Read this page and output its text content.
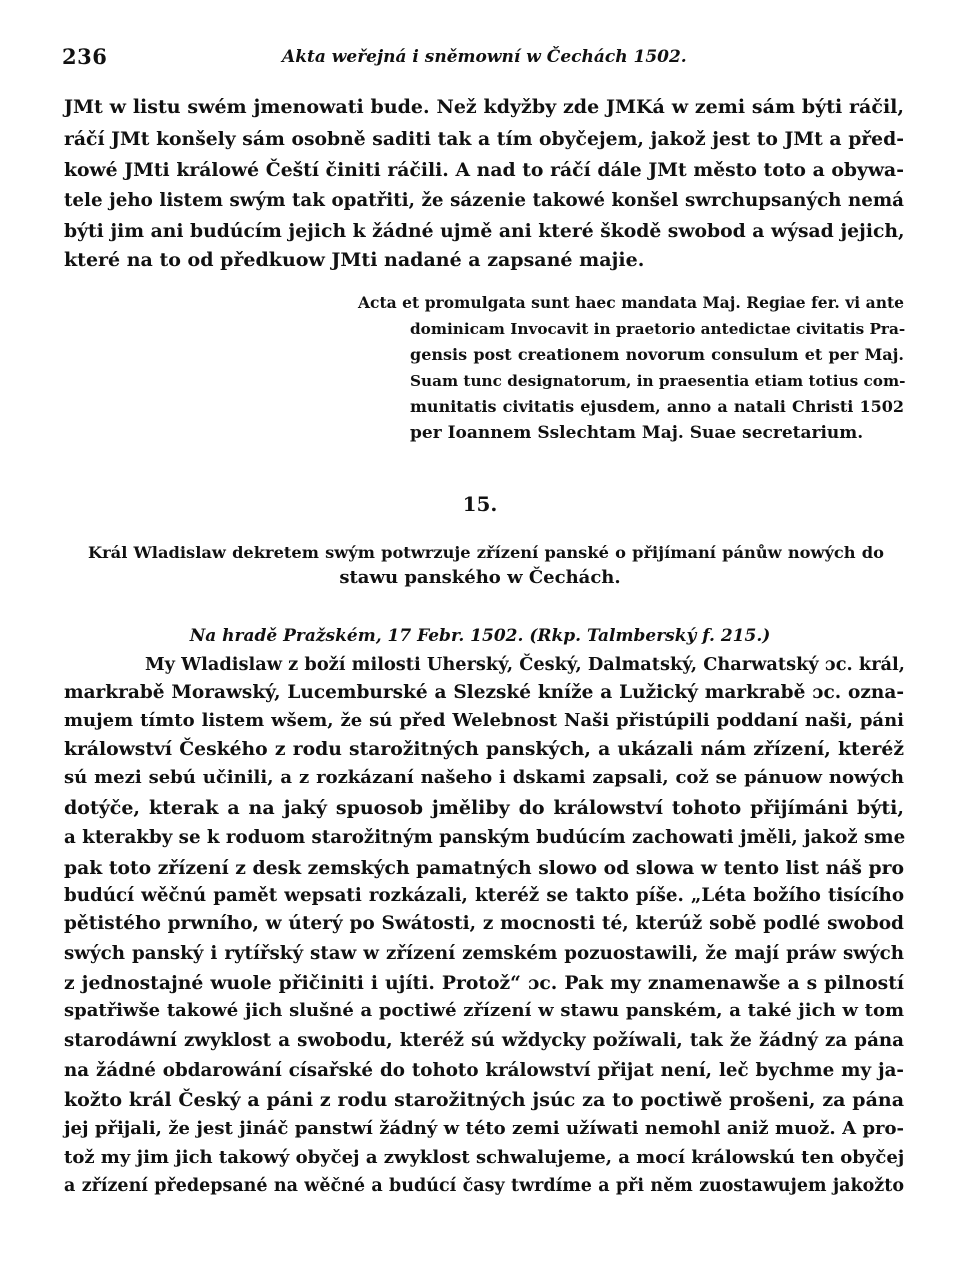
236	Akta weřejná i sněmowní w Čechách 1502.
JMt w listu swém jmenowati bude. Než kdyžby zde JMKá w zemi sám býti ráčil,
ráčí JMt konšely sám osobně saditi tak a tím obyčejem, jakož jest to JMt a před-
kowé JMti králowé Čeští činiti ráčili. A nad to ráčí dále JMt město toto a obywa-
tele jeho listem swým tak opatřiti, že sázenie takowé konšel swrchupsaných nemá
býti jim ani budúcím jejich k žádné ujmě ani které škodě swobod a wýsad jejich,
které na to od předkuow JMti nadané a zapsané majie.
Acta et promulgata sunt haec mandata Maj. Regiae fer. vi ante
dominicam Invocavit in praetorio antedictae civitatis Pra-
gensis post creationem novorum consulum et per Maj.
Suam tunc designatorum, in praesentia etiam totius com-
munitatis civitatis ejusdem, anno a natali Christi 1502
per Ioannem Sslechtam Maj. Suae secretarium.
15.
Král Wladislaw dekretem swým potwrzuje zřízení panské o přijímaní pánůw nowých do
stawu panského w Čechách.
Na hradě Pražském, 17 Febr. 1502. (Rkp. Talmberský f. 215.)
My Wladislaw z boží milosti Uherský, Český, Dalmatský, Charwatský ɔc. král,
markrabě Morawský, Lucemburské a Slezské kníže a Lužický markrabě ɔc. ozna-
mujem tímto listem wšem, že sú před Welebnost Naši přistúpili poddaní naši, páni
králowství Českého z rodu starožitných panských, a ukázali nám zřízení, kteréž
sú mezi sebú učinili, a z rozkázaní našeho i dskami zapsali, což se pánuow nowých
dotýče, kterak a na jaký spuosob jměliby do králowství tohoto přijímáni býti,
a kterakby se k roduom starožitným panským budúcím zachowati jměli, jakož sme
pak toto zřízení z desk zemských pamatných slowo od slowa w tento list náš pro
budúcí wěčnú pamět wepsati rozkázali, kteréž se takto píše. „Léta božího tisícího
pětistého prwního, w úterý po Swátosti, z mocnosti té, kterúž sobě podlé swobod
swých panský i rytířský staw w zřízení zemském pozuostawili, že mají práw swých
z jednostajné wuole přičiniti i ujíti. Protož“ ɔc. Pak my znamenawše a s pilností
spatřiwše takowé jich slušné a poctiwé zřízení w stawu panském, a také jich w tom
starodáwní zwyklost a swobodu, kteréž sú wždycky požíwali, tak že žádný za pána
na žádné obdarowání císařské do tohoto králowství přijat není, leč bychme my ja-
kožto král Český a páni z rodu starožitných jsúc za to poctiwě prošeni, za pána
jej přijali, že jest jináč panstwí žádný w této zemi užíwati nemohl aniž muož. A pro-
tož my jim jich takowý obyčej a zwyklost schwalujeme, a mocí králowskú ten obyčej
a zřízení předepsané na wěčné a budúcí časy twrdíme a při něm zuostawujem jakožto
